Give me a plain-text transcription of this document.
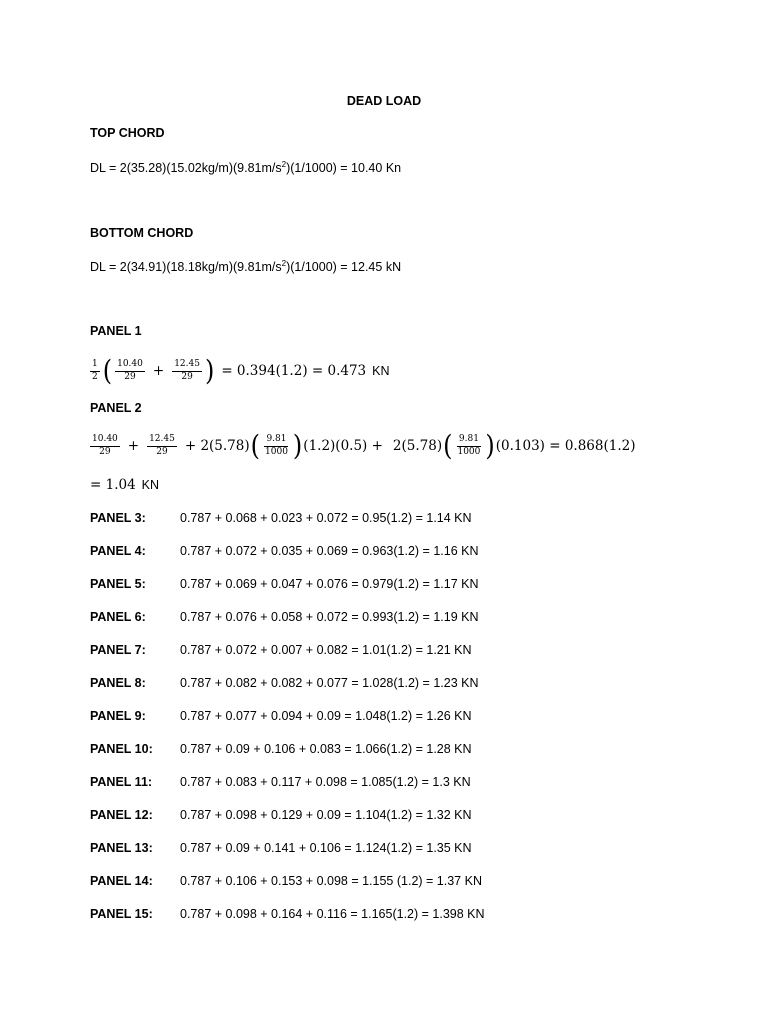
DEAD LOAD
TOP CHORD
DL = $2(35.28)(15.02kg/m)(9.81m/s^2)(1/1000) = 10.40$ Kn
BOTTOM CHORD
DL = $2(34.91)(18.18kg/m)(9.81m/s^2)(1/1000) = 12.45$ kN
PANEL 1
$\frac{1}{2}$ ( $\frac{10.40}{29} + \frac{12.45}{29}$ ) = 0.394(1.2) = 0.473 KN
PANEL 2
$\frac{10.40}{29} + \frac{12.45}{29} + 2(5.78)$ ( $\frac{9.81}{1000}$ ) (1.2)(0.5) + 2(5.78) ( $\frac{9.81}{1000}$ ) (0.103) = 0.868(1.2)
= 1.04 KN
PANEL 3:	0.787 + 0.068 + 0.023 + 0.072 = 0.95(1.2) = 1.14 KN
PANEL 4:	0.787 + 0.072 + 0.035 + 0.069 = 0.963(1.2) = 1.16 KN
PANEL 5:	0.787 + 0.069 + 0.047 + 0.076 = 0.979(1.2) = 1.17 KN
PANEL 6:	0.787 + 0.076 + 0.058 + 0.072 = 0.993(1.2) = 1.19 KN
PANEL 7:	0.787 + 0.072 + 0.007 + 0.082 = 1.01(1.2) = 1.21 KN
PANEL 8:	0.787 + 0.082 + 0.082 + 0.077 = 1.028(1.2) = 1.23 KN
PANEL 9:	0.787 + 0.077 + 0.094 + 0.09 = 1.048(1.2) = 1.26 KN
PANEL 10: 0.787 + 0.09 + 0.106 + 0.083 = 1.066(1.2) = 1.28 KN
PANEL 11: 0.787 + 0.083 + 0.117 + 0.098 = 1.085(1.2) = 1.3 KN
PANEL 12: 0.787 + 0.098 + 0.129 + 0.09 = 1.104(1.2) = 1.32 KN
PANEL 13: 0.787 + 0.09 + 0.141 + 0.106 = 1.124(1.2) = 1.35 KN
PANEL 14: 0.787 + 0.106 + 0.153 + 0.098 = 1.155 (1.2) = 1.37 KN
PANEL 15: 0.787 + 0.098 + 0.164 + 0.116 = 1.165(1.2) = 1.398 KN
